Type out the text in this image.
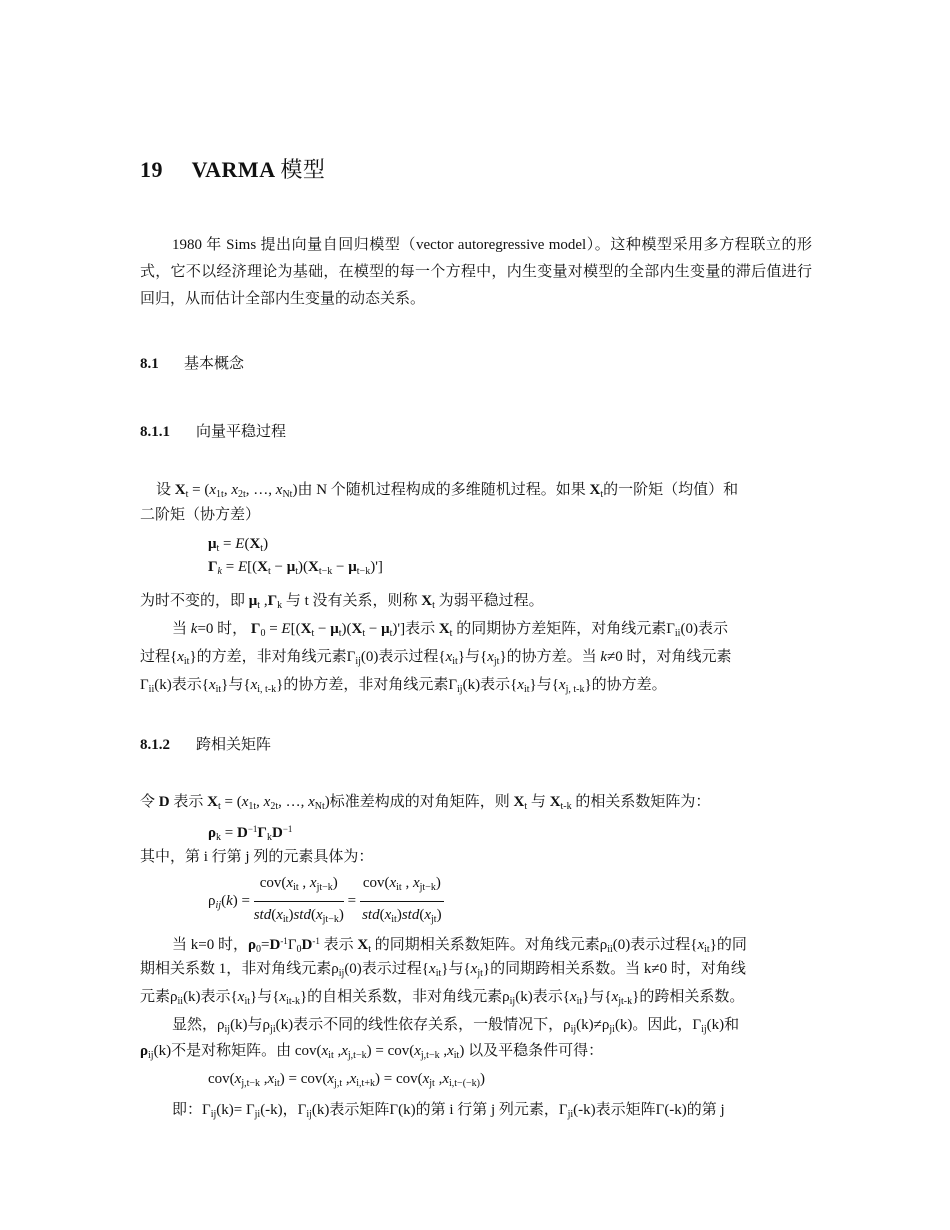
19 VARMA 模型
1980 年 Sims 提出向量自回归模型（vector autoregressive model）。这种模型采用多方程联立的形式，它不以经济理论为基础，在模型的每一个方程中，内生变量对模型的全部内生变量的滞后值进行回归，从而估计全部内生变量的动态关系。
8.1 基本概念
8.1.1 向量平稳过程
设 $X_t = (x_{1t}$, $x_{2t}$, …, $x_{Nt}$)由 N 个随机过程构成的多维随机过程。如果 $X_t$的一阶矩（均值）和
二阶矩（协方差）
$\mu_t = E(X_t)$
$\Gamma_k = E[(X_t - \mu_t)(X_{t-k} - \mu_{t-k})']$
为时不变的，即 $\mu_t$ $,\Gamma_k$ 与 t 没有关系，则称 $X_t$ 为弱平稳过程。
当 k=0 时， $\Gamma_0 = E[(X_t - \mu_t)(X_t - \mu_t)']$表示 $X_t$ 的同期协方差矩阵，对角线元素$\Gamma_{ii}(0)$表示
过程$\{x_{it}\}$的方差，非对角线元素$\Gamma_{ij}(0)$表示过程$\{x_{it}\}$与$\{x_{jt}\}$的协方差。当 k≠0 时，对角线元素
$\Gamma_{ii}(k)$表示$\{x_{it}\}$与$\{x_{i, t-k}\}$的协方差，非对角线元素$\Gamma_{ij}(k)$表示$\{x_{it}\}$与$\{x_{j, t-k}\}$的协方差。
8.1.2 跨相关矩阵
令 D 表示 $X_t = (x_{1t}$, $x_{2t}$, …, $x_{Nt}$)标准差构成的对角矩阵，则 $X_t$ 与 $X_{t-k}$ 的相关系数矩阵为：
$\rho_k = D^{-1}\Gamma_kD^{-1}$
其中，第 i 行第 j 列的元素具体为：
$\rho_{ij}(k) = \frac{cov(x_{it} , x_{jt-k})}{std(x_{it})std(x_{jt-k})} = \frac{cov(x_{it} , x_{jt-k})}{std(x_{it})std(x_{jt})}$
当 k=0 时，$\rho_0=D^{-1}\Gamma_0D^{-1}$ 表示 $X_t$ 的同期相关系数矩阵。对角线元素$\rho_{ii}(0)$表示过程$\{x_{it}\}$的同
期相关系数 1，非对角线元素$\rho_{ij}(0)$表示过程$\{x_{it}\}$与$\{x_{jt}\}$的同期跨相关系数。当 k≠0 时，对角线
元素$\rho_{ii}(k)$表示$\{x_{it}\}$与$\{x_{it-k}\}$的自相关系数，非对角线元素$\rho_{ij}(k)$表示$\{x_{it}\}$与$\{x_{jt-k}\}$的跨相关系数。
显然，$\rho_{ij}(k)$与$\rho_{ji}(k)$表示不同的线性依存关系，一般情况下，$\rho_{ij}(k)\ne\rho_{ji}(k)$。因此，$\Gamma_{ij}(k)$和
$\rho_{ij}(k)$不是对称矩阵。由 $cov(x_{it}$ $,x_{j,t-k}) = cov(x_{j,t-k}$ $,x_{it}$) 以及平稳条件可得：
$cov(x_{j,t-k}$ $,x_{it}) = cov(x_{j,t}$ $,x_{i,t+k}) = cov(x_{jt}$ $,x_{i,t-(-k)}$)
即：$\Gamma_{ij}(k)= \Gamma_{ji}(-k)$，$\Gamma_{ij}(k)$表示矩阵Γ(k)的第 i 行第 j 列元素，$\Gamma_{ji}(-k)$表示矩阵Γ(-k)的第 j
